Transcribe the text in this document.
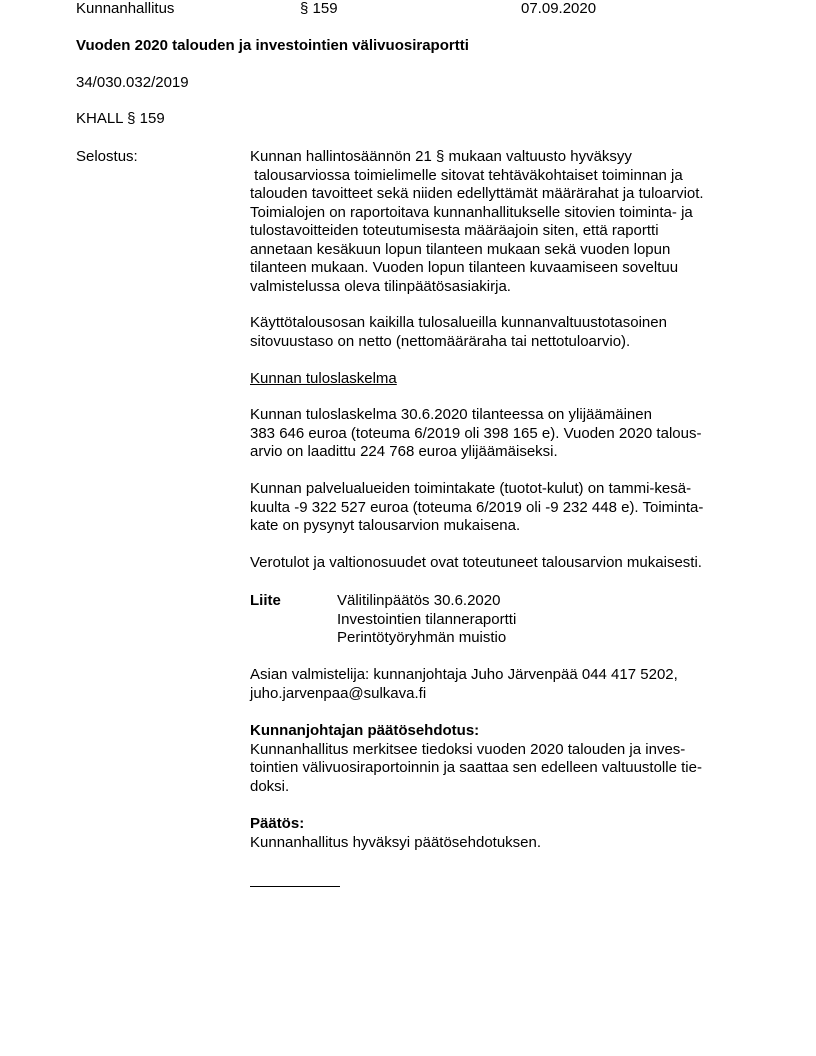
Kunnanhallitus	§ 159	07.09.2020
Vuoden 2020 talouden ja investointien välivuosiraportti
34/030.032/2019
KHALL § 159
Selostus:	Kunnan hallintosäännön 21 § mukaan valtuusto hyväksyy
talousarviossa toimielimelle sitovat tehtäväkohtaiset toiminnan ja
talouden tavoitteet sekä niiden edellyttämät määrärahat ja tuloarviot.
Toimialojen on raportoitava kunnanhallitukselle sitovien toiminta- ja
tulostavoitteiden toteutumisesta määräajoin siten, että raportti
annetaan kesäkuun lopun tilanteen mukaan sekä vuoden lopun
tilanteen mukaan. Vuoden lopun tilanteen kuvaamiseen soveltuu
valmistelussa oleva tilinpäätösasiakirja.

Käyttötalousosan kaikilla tulosalueilla kunnanvaltuustotasoinen
sitovuustaso on netto (nettomääräraha tai nettotuloarvio).

Kunnan tuloslaskelma

Kunnan tuloslaskelma 30.6.2020 tilanteessa on ylijäämäinen
383 646 euroa (toteuma 6/2019 oli 398 165 e). Vuoden 2020 talous-
arvio on laadittu 224 768 euroa ylijäämäiseksi.

Kunnan palvelualueiden toimintakate (tuotot-kulut) on tammi-kesä-
kuulta -9 322 527 euroa (toteuma 6/2019 oli -9 232 448 e). Toiminta-
kate on pysynyt talousarvion mukaisena.

Verotulot ja valtionosuudet ovat toteutuneet talousarvion mukaisesti.

Liite	Välitilinpäätös 30.6.2020
Investointien tilanneraportti
Perintötyöryhmän muistio

Asian valmistelija: kunnanjohtaja Juho Järvenpää 044 417 5202,
juho.jarvenpaa@sulkava.fi

Kunnanjohtajan päätösehdotus:
Kunnanhallitus merkitsee tiedoksi vuoden 2020 talouden ja inves-
tointien välivuosiraportoinnin ja saattaa sen edelleen valtuustolle tie-
doksi.

Päätös:
Kunnanhallitus hyväksyi päätösehdotuksen.
